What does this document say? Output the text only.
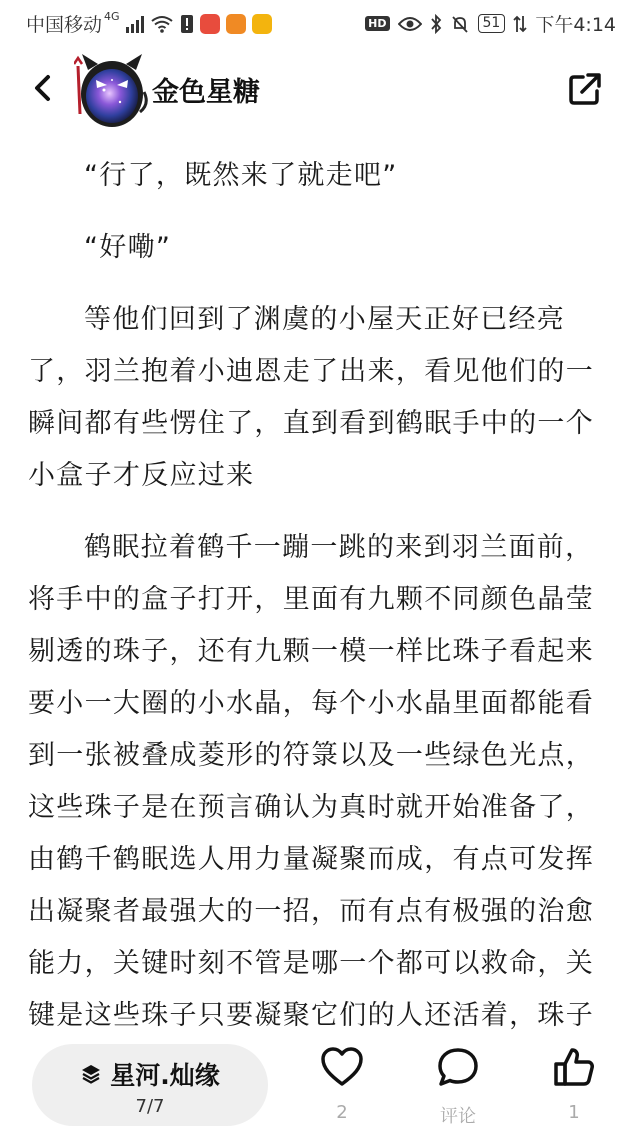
中国移动 4G
HD	51 下午4:14
金色星糖

“行了，既然来了就走吧”

“好嘞”

等他们回到了渊虞的小屋天正好已经亮了，羽兰抱着小迪恩走了出来，看见他们的一瞬间都有些愣住了，直到看到鹤眠手中的一个小盒子才反应过来

鹤眠拉着鹤千一蹦一跳的来到羽兰面前，将手中的盒子打开，里面有九颗不同颜色晶莹剔透的珠子，还有九颗一模一样比珠子看起来要小一大圈的小水晶，每个小水晶里面都能看到一张被叠成菱形的符箓以及一些绿色光点，这些珠子是在预言确认为真时就开始准备了，由鹤千鹤眠选人用力量凝聚而成，有点可发挥出凝聚者最强大的一招，而有点有极强的治愈能力，关键时刻不管是哪一个都可以救命，关键是这些珠子只要凝聚它们的人还活着，珠子

星河.灿缘
7/7	2	评论	1
